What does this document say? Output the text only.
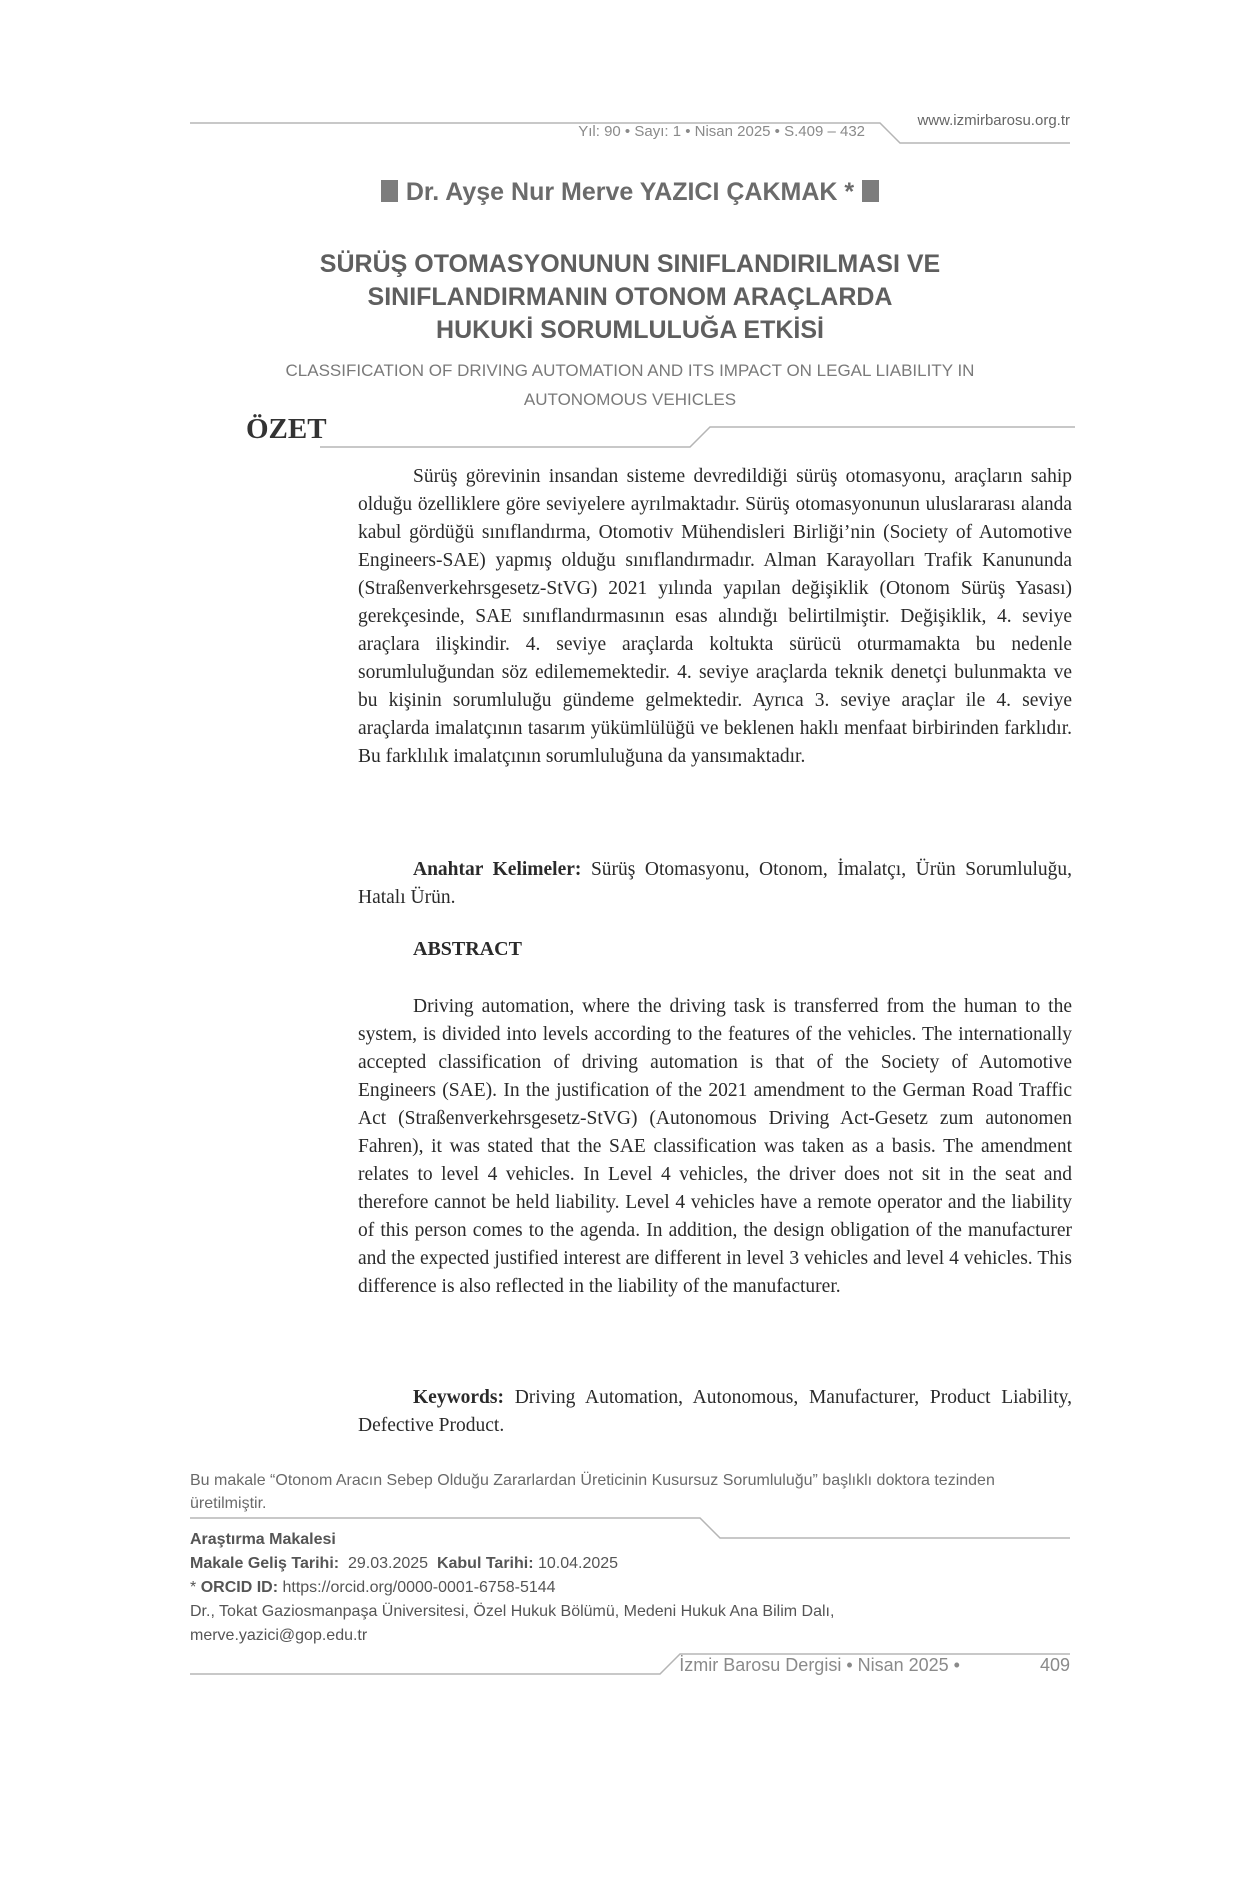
Yıl: 90 • Sayı: 1 • Nisan 2025 • S.409 – 432
www.izmirbarosu.org.tr
Dr. Ayşe Nur Merve YAZICI ÇAKMAK *
SÜRÜŞ OTOMASYONUNUN SINIFLANDIRILMASI VE
SINIFLANDIRMANIN OTONOM ARAÇLARDA
HUKUKİ SORUMLULUĞA ETKİSİ
CLASSIFICATION OF DRIVING AUTOMATION AND ITS IMPACT ON LEGAL LIABILITY IN
AUTONOMOUS VEHICLES
ÖZET

Sürüş görevinin insandan sisteme devredildiği sürüş otomasyonu, araçların sahip olduğu özelliklere göre seviyelere ayrılmaktadır. Sürüş otomasyonunun uluslararası alanda kabul gördüğü sınıflandırma, Otomotiv Mühendisleri Birliği’nin (Society of Automotive Engineers-SAE) yapmış olduğu sınıflandırmadır. Alman Karayolları Trafik Kanununda (Straßenverkehrsgesetz-StVG) 2021 yılında yapılan değişiklik (Otonom Sürüş Yasası) gerekçesinde, SAE sınıflandırmasının esas alındığı belirtilmiştir. Değişiklik, 4. seviye araçlara ilişkindir. 4. seviye araçlarda koltukta sürücü oturmamakta bu nedenle sorumluluğundan söz edilememektedir. 4. seviye araçlarda teknik denetçi bulunmakta ve bu kişinin sorumluluğu gündeme gelmektedir. Ayrıca 3. seviye araçlar ile 4. seviye araçlarda imalatçının tasarım yükümlülüğü ve beklenen haklı menfaat birbirinden farklıdır. Bu farklılık imalatçının sorumluluğuna da yansımaktadır.

Anahtar Kelimeler: Sürüş Otomasyonu, Otonom, İmalatçı, Ürün Sorumluluğu, Hatalı Ürün.

ABSTRACT

Driving automation, where the driving task is transferred from the human to the system, is divided into levels according to the features of the vehicles. The internationally accepted classification of driving automation is that of the Society of Automotive Engineers (SAE). In the justification of the 2021 amendment to the German Road Traffic Act (Straßenverkehrsgesetz-StVG) (Autonomous Driving Act-Gesetz zum autonomen Fahren), it was stated that the SAE classification was taken as a basis. The amendment relates to level 4 vehicles. In Level 4 vehicles, the driver does not sit in the seat and therefore cannot be held liability. Level 4 vehicles have a remote operator and the liability of this person comes to the agenda. In addition, the design obligation of the manufacturer and the expected justified interest are different in level 3 vehicles and level 4 vehicles. This difference is also reflected in the liability of the manufacturer.

Keywords: Driving Automation, Autonomous, Manufacturer, Product Liability, Defective Product.

Bu makale “Otonom Aracın Sebep Olduğu Zararlardan Üreticinin Kusursuz Sorumluluğu” başlıklı doktora tezinden üretilmiştir.
Araştırma Makalesi
Makale Geliş Tarihi: 29.03.2025 Kabul Tarihi: 10.04.2025
* ORCID ID: https://orcid.org/0000-0001-6758-5144
Dr., Tokat Gaziosmanpaşa Üniversitesi, Özel Hukuk Bölümü, Medeni Hukuk Ana Bilim Dalı,
merve.yazici@gop.edu.tr
İzmir Barosu Dergisi • Nisan 2025 •	409
